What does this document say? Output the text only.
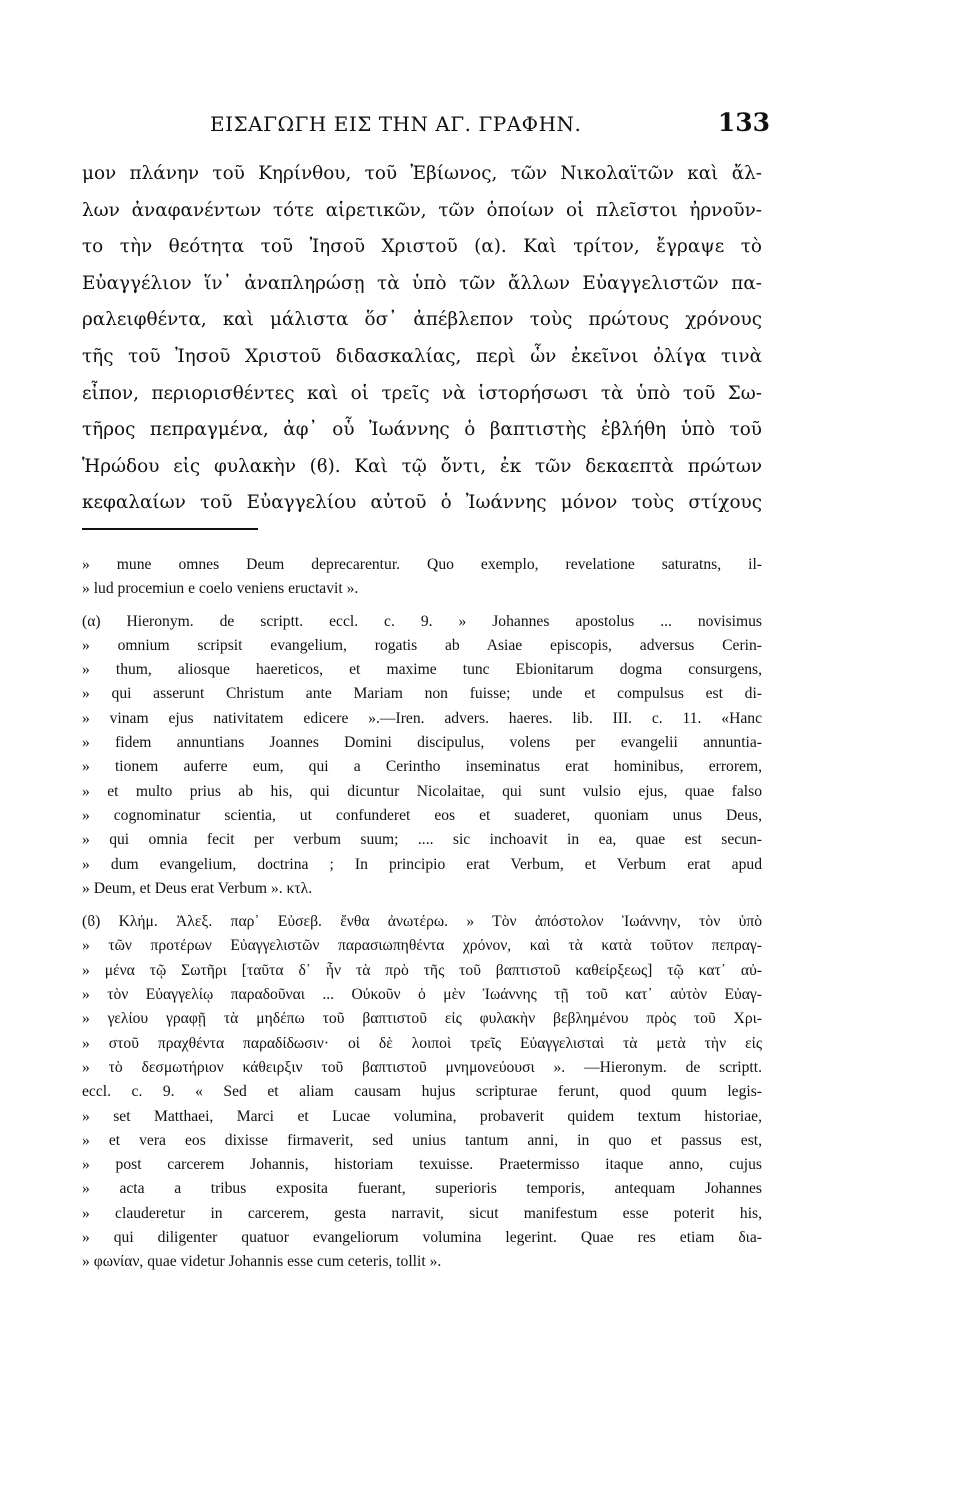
ΕΙΣΑΓΩΓΗ ΕΙΣ ΤΗΝ ΑΓ. ΓΡΑΦΗΝ.	133
μον πλάνην τοῦ Κηρίνθου, τοῦ Ἐβίωνος, τῶν Νικολαϊτῶν καὶ ἄλ-
λων ἀναφανέντων τότε αἱρετικῶν, τῶν ὁποίων οἱ πλεῖστοι ἠρνοῦν-
το τὴν θεότητα τοῦ Ἰησοῦ Χριστοῦ (α). Καὶ τρίτον, ἔγραψε τὸ
Εὐαγγέλιον ἵν᾽ ἀναπληρώσῃ τὰ ὑπὸ τῶν ἄλλων Εὐαγγελιστῶν πα-
ραλειφθέντα, καὶ μάλιστα ὅσ᾽ ἀπέβλεπον τοὺς πρώτους χρόνους
τῆς τοῦ Ἰησοῦ Χριστοῦ διδασκαλίας, περὶ ὧν ἐκεῖνοι ὀλίγα τινὰ
εἶπον, περιορισθέντες καὶ οἱ τρεῖς νὰ ἱστορήσωσι τὰ ὑπὸ τοῦ Σω-
τῆρος πεπραγμένα, ἀφ᾽ οὗ Ἰωάννης ὁ βαπτιστὴς ἐβλήθη ὑπὸ τοῦ
Ἡρώδου εἰς φυλακὴν (ϐ). Καὶ τῷ ὄντι, ἐκ τῶν δεκαεπτὰ πρώτων
κεφαλαίων τοῦ Εὐαγγελίου αὐτοῦ ὁ Ἰωάννης μόνον τοὺς στίχους
» mune omnes Deum deprecarentur. Quo exemplo, revelatione saturatns, il-
» lud procemiun e coelo veniens eructavit ».
(α) Hieronym. de scriptt. eccl. c. 9. » Johannes apostolus ... novisimus
» omnium scripsit evangelium, rogatis ab Asiae episcopis, adversus Cerin-
» thum, aliosque haereticos, et maxime tunc Ebionitarum dogma consurgens,
» qui asserunt Christum ante Mariam non fuisse; unde et compulsus est di-
» vinam ejus nativitatem edicere ».—Iren. advers. haeres. lib. III. c. 11. «Hanc
» fidem annuntians Joannes Domini discipulus, volens per evangelii annuntia-
» tionem auferre eum, qui a Cerintho inseminatus erat hominibus, errorem,
» et multo prius ab his, qui dicuntur Nicolaitae, qui sunt vulsio ejus, quae falso
» cognominatur scientia, ut confunderet eos et suaderet, quoniam unus Deus,
» qui omnia fecit per verbum suum; .... sic inchoavit in ea, quae est secun-
» dum evangelium, doctrina ; In principio erat Verbum, et Verbum erat apud
» Deum, et Deus erat Verbum ». κτλ.
(ϐ) Κλήμ. Ἀλεξ. παρ᾽ Εὐσεβ. ἔνθα ἀνωτέρω. » Τὸν ἀπόστολον Ἰωάννην, τὸν ὑπὸ
» τῶν προτέρων Εὐαγγελιστῶν παρασιωπηθέντα χρόνον, καὶ τὰ κατὰ τοῦτον πεπραγ-
» μένα τῷ Σωτῆρι [ταῦτα δ᾽ ἦν τὰ πρὸ τῆς τοῦ βαπτιστοῦ καθείρξεως] τῷ κατ᾽ αὐ-
» τὸν Εὐαγγελίῳ παραδοῦναι ... Οὐκοῦν ὁ μὲν Ἰωάννης τῇ τοῦ κατ᾽ αὐτὸν Εὐαγ-
» γελίου γραφῇ τὰ μηδέπω τοῦ βαπτιστοῦ εἰς φυλακὴν βεβλημένου πρὸς τοῦ Χρι-
» στοῦ πραχθέντα παραδίδωσιν· οἱ δὲ λοιποὶ τρεῖς Εὐαγγελισταὶ τὰ μετὰ τὴν εἰς
» τὸ δεσμωτήριον κάθειρξιν τοῦ βαπτιστοῦ μνημονεύουσι ». —Hieronym. de scriptt.
eccl. c. 9. « Sed et aliam causam hujus scripturae ferunt, quod quum legis-
» set Matthaei, Marci et Lucae volumina, probaverit quidem textum historiae,
» et vera eos dixisse firmaverit, sed unius tantum anni, in quo et passus est,
» post carcerem Johannis, historiam texuisse. Praetermisso itaque anno, cujus
» acta a tribus exposita fuerant, superioris temporis, antequam Johannes
» clauderetur in carcerem, gesta narravit, sicut manifestum esse poterit his,
» qui diligenter quatuor evangeliorum volumina legerint. Quae res etiam διa-
» φωνίαν, quae videtur Johannis esse cum ceteris, tollit ».
